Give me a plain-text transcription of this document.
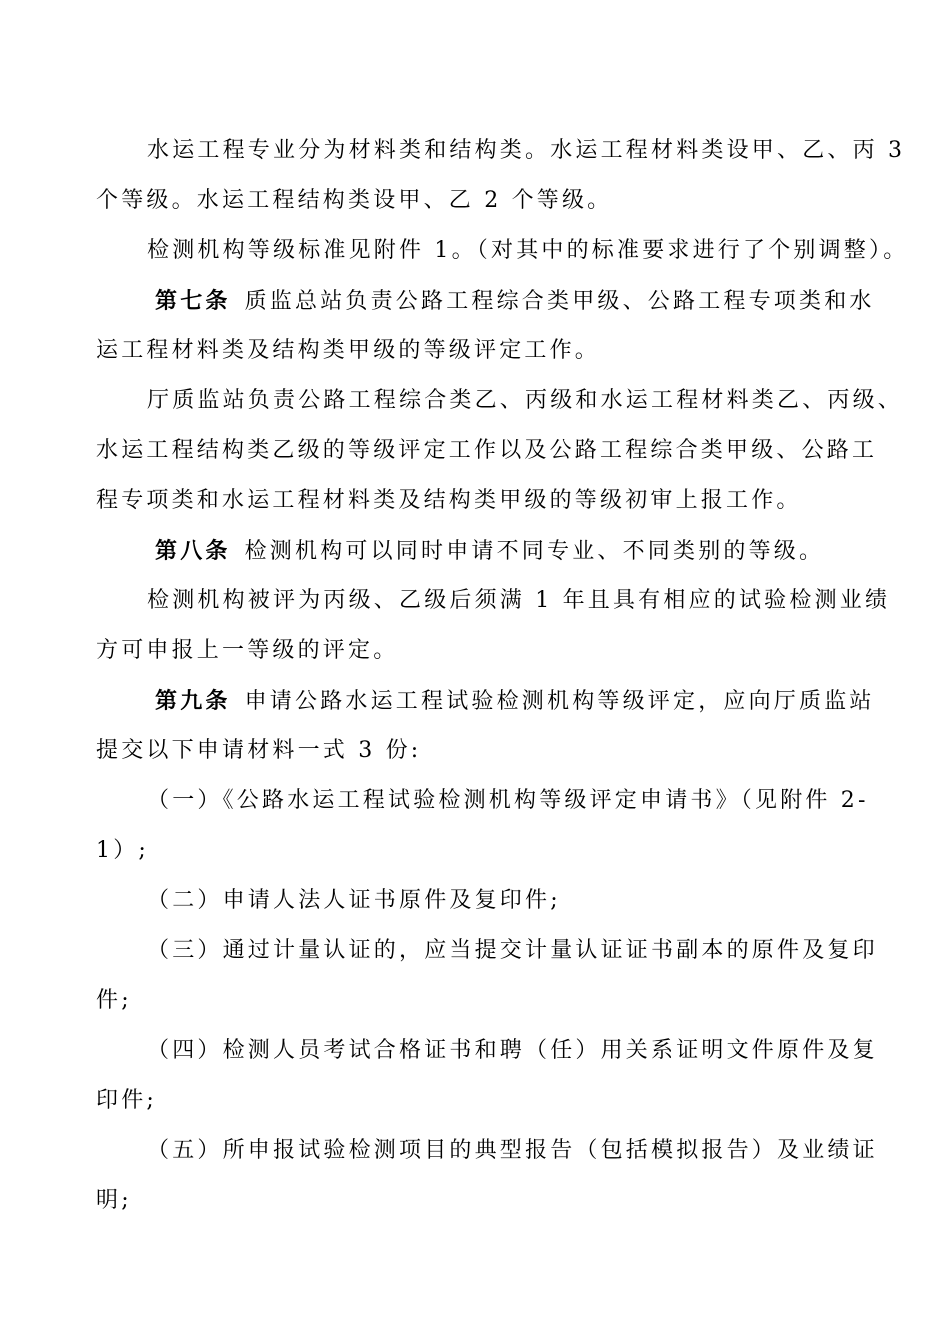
水运工程专业分为材料类和结构类。水运工程材料类设甲、乙、丙 3
个等级。水运工程结构类设甲、乙 2 个等级。
检测机构等级标准见附件 1。（对其中的标准要求进行了个别调整）。
第七条 质监总站负责公路工程综合类甲级、公路工程专项类和水
运工程材料类及结构类甲级的等级评定工作。
厅质监站负责公路工程综合类乙、丙级和水运工程材料类乙、丙级、
水运工程结构类乙级的等级评定工作以及公路工程综合类甲级、公路工
程专项类和水运工程材料类及结构类甲级的等级初审上报工作。
第八条 检测机构可以同时申请不同专业、不同类别的等级。
检测机构被评为丙级、乙级后须满 1 年且具有相应的试验检测业绩
方可申报上一等级的评定。
第九条 申请公路水运工程试验检测机构等级评定，应向厅质监站
提交以下申请材料一式 3 份:
（一）《公路水运工程试验检测机构等级评定申请书》（见附件 2-
1）;
（二）申请人法人证书原件及复印件;
（三）通过计量认证的，应当提交计量认证证书副本的原件及复印
件;
（四）检测人员考试合格证书和聘（任）用关系证明文件原件及复
印件;
（五）所申报试验检测项目的典型报告（包括模拟报告）及业绩证
明;
